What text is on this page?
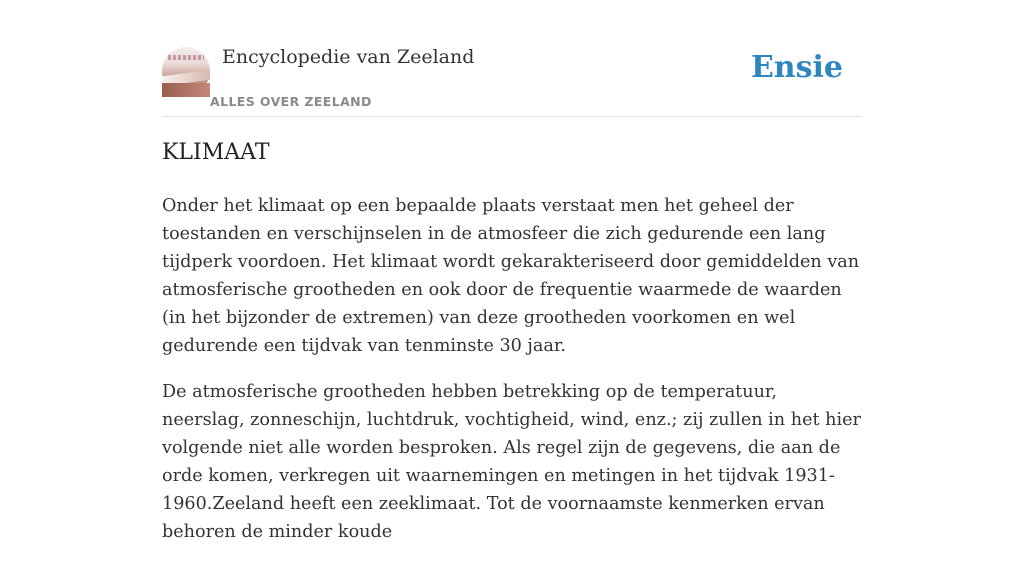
Encyclopedie van Zeeland
ALLES OVER ZEELAND
Ensie
KLIMAAT

Onder het klimaat op een bepaalde plaats verstaat men het geheel der toestanden en verschijnselen in de atmosfeer die zich gedurende een lang tijdperk voordoen. Het klimaat wordt gekarakteriseerd door gemiddelden van atmosferische grootheden en ook door de frequentie waarmede de waarden (in het bijzonder de extremen) van deze grootheden voorkomen en wel gedurende een tijdvak van tenminste 30 jaar.

De atmosferische grootheden hebben betrekking op de temperatuur, neerslag, zonneschijn, luchtdruk, vochtigheid, wind, enz.; zij zullen in het hier volgende niet alle worden besproken. Als regel zijn de gegevens, die aan de orde komen, verkregen uit waarnemingen en metingen in het tijdvak 1931-1960.Zeeland heeft een zeeklimaat. Tot de voornaamste kenmerken ervan behoren de minder koude
